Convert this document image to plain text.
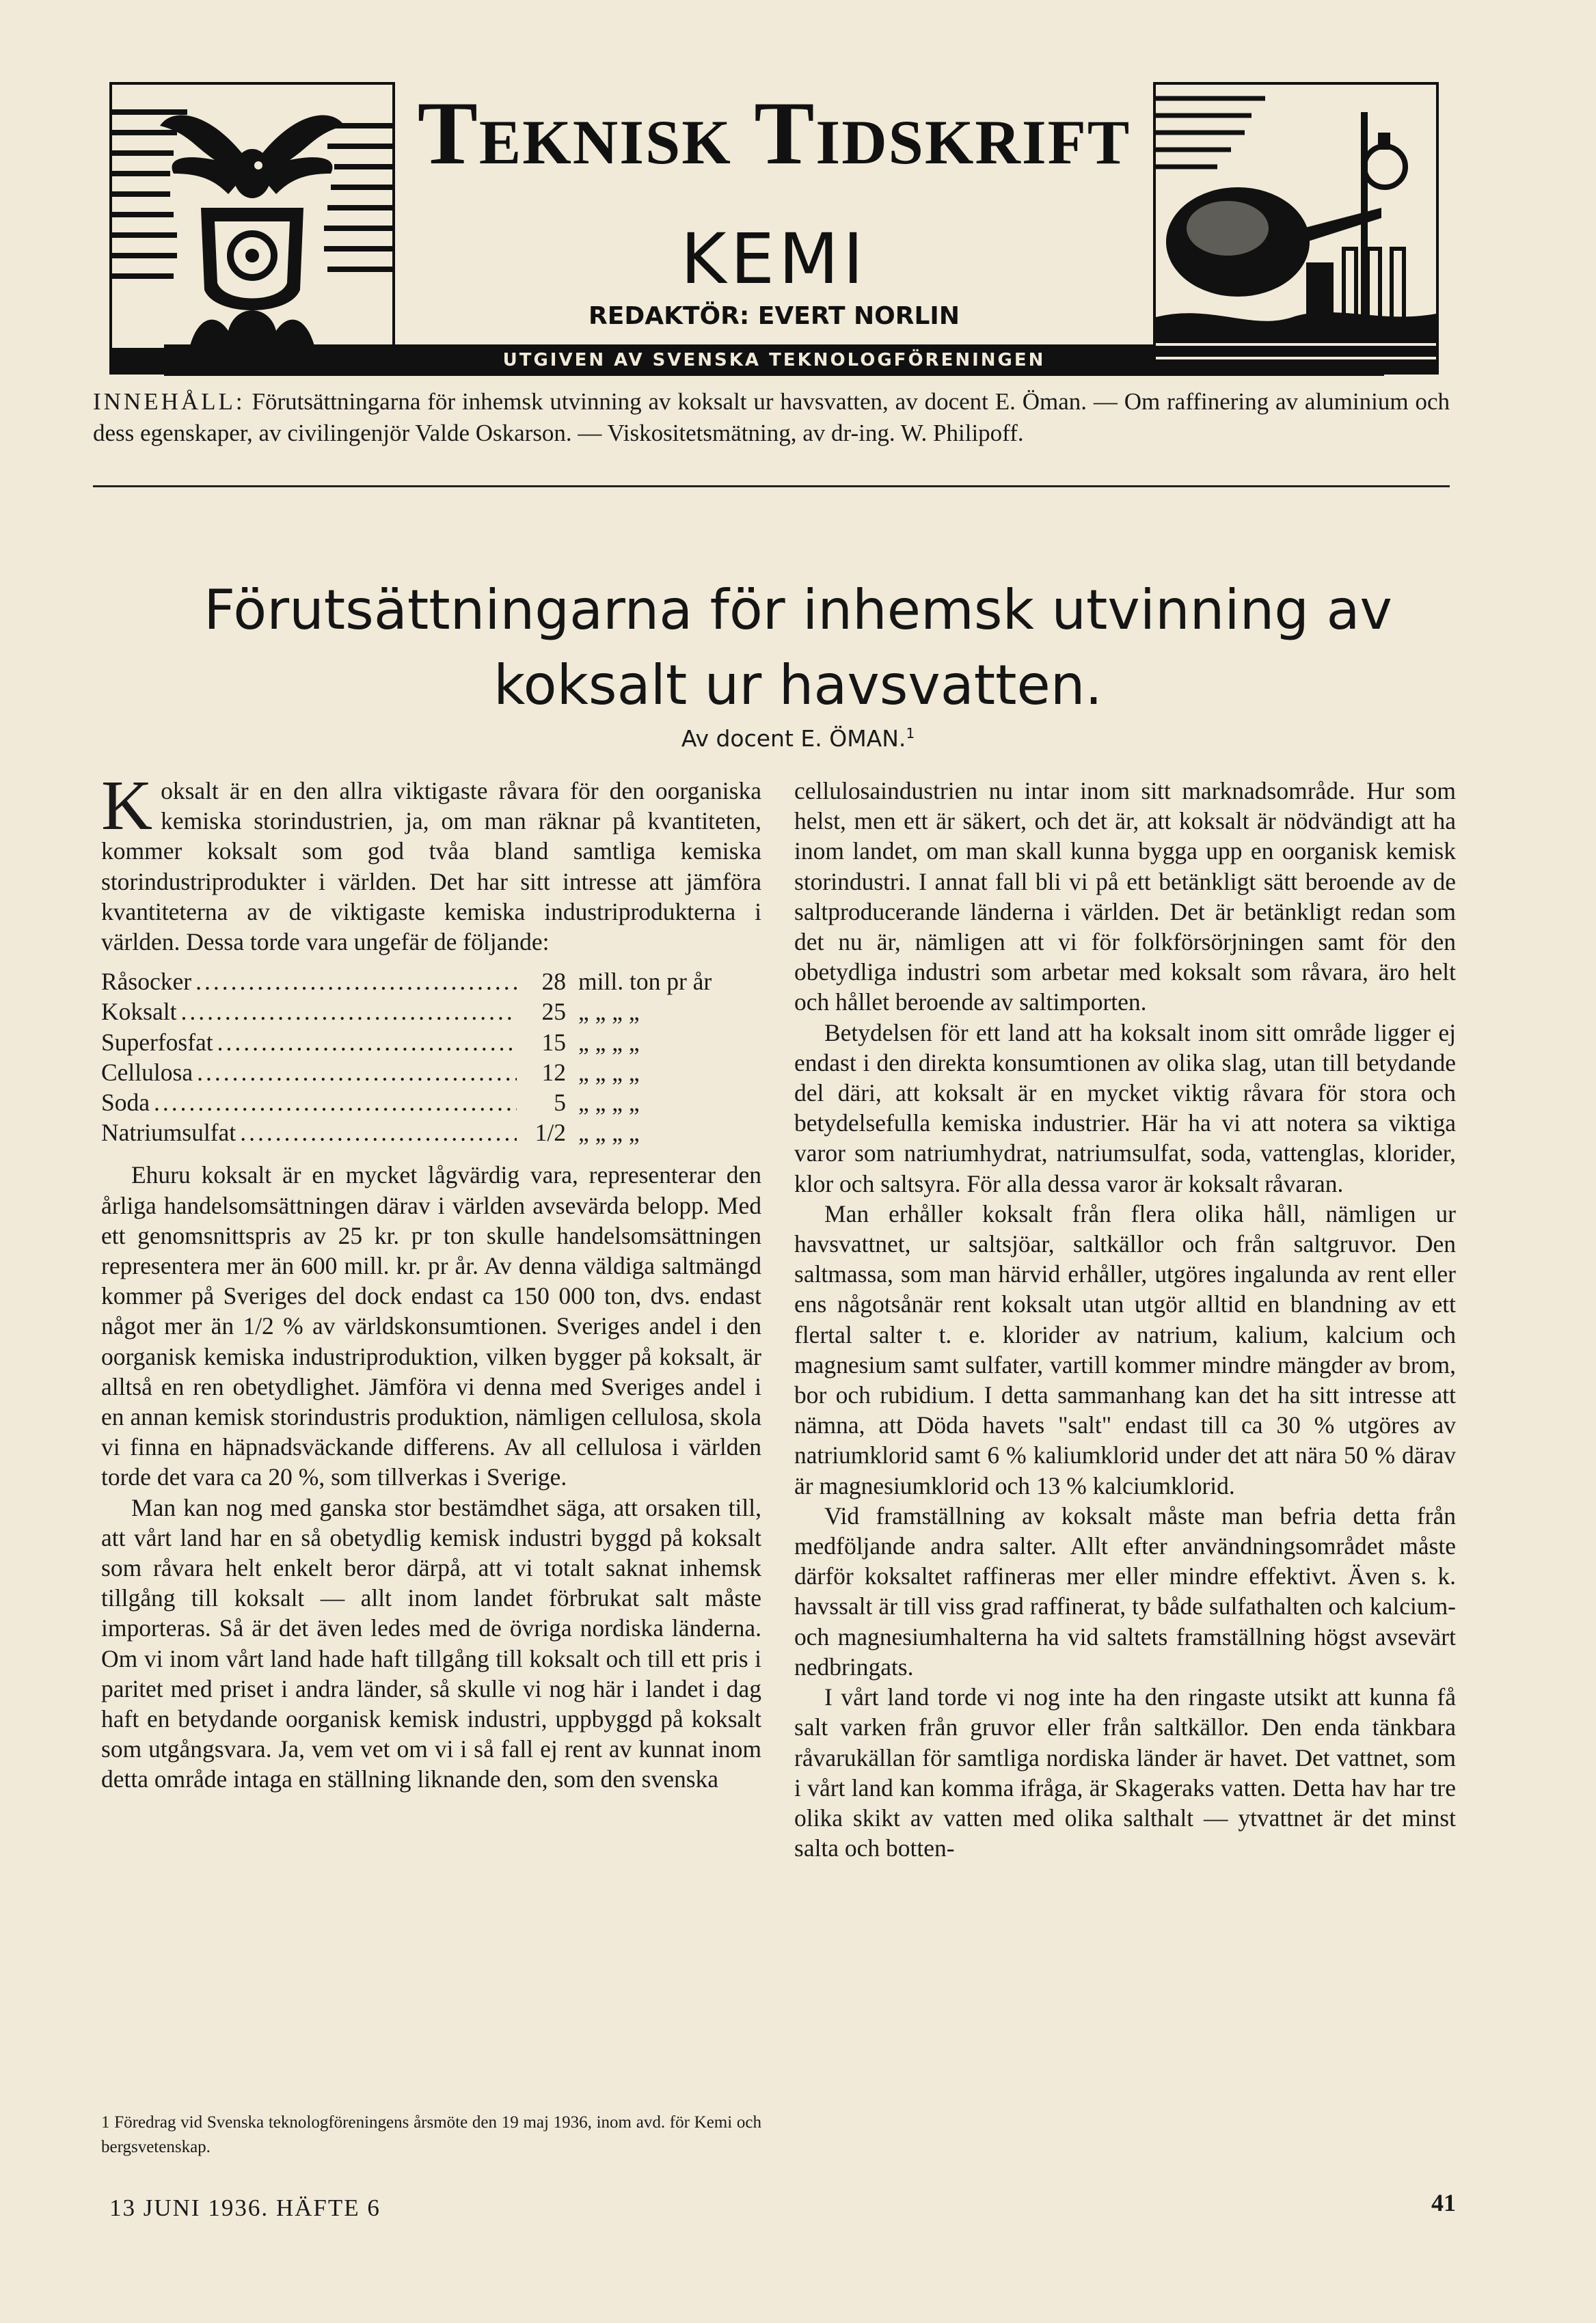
Teknisk Tidskrift
KEMI
REDAKTÖR: EVERT NORLIN
UTGIVEN AV SVENSKA TEKNOLOGFÖRENINGEN
INNEHÅLL: Förutsättningarna för inhemsk utvinning av koksalt ur havsvatten, av docent E. Öman. — Om raffinering av aluminium och dess egenskaper, av civilingenjör Valde Oskarson. — Viskositetsmätning, av dr-ing. W. Philipoff.
Förutsättningarna för inhemsk utvinning av koksalt ur havsvatten.
Av docent E. ÖMAN.$^1$

Koksalt är en den allra viktigaste råvara för den oorganiska kemiska storindustrien, ja, om man räknar på kvantiteten, kommer koksalt som god tvåa bland samtliga kemiska storindustriprodukter i världen. Det har sitt intresse att jämföra kvantiteterna av de viktigaste kemiska industriprodukterna i världen. Dessa torde vara ungefär de följande:

Råsocker .....	28 mill. ton pr år
Koksalt .....	25 „ „ „ „
Superfosfat .....	15 „ „ „ „
Cellulosa .....	12 „ „ „ „
Soda .....	5 „ „ „ „
Natriumsulfat .....	1/2 „ „ „ „

Ehuru koksalt är en mycket lågvärdig vara, representerar den årliga handelsomsättningen därav i världen avsevärda belopp. Med ett genomsnittspris av 25 kr. pr ton skulle handelsomsättningen representera mer än 600 mill. kr. pr år. Av denna väldiga saltmängd kommer på Sveriges del dock endast ca 150 000 ton, dvs. endast något mer än 1/2 % av världskonsumtionen. Sveriges andel i den oorganisk kemiska industriproduktion, vilken bygger på koksalt, är alltså en ren obetydlighet. Jämföra vi denna med Sveriges andel i en annan kemisk storindustris produktion, nämligen cellulosa, skola vi finna en häpnadsväckande differens. Av all cellulosa i världen torde det vara ca 20 %, som tillverkas i Sverige.

Man kan nog med ganska stor bestämdhet säga, att orsaken till, att vårt land har en så obetydlig kemisk industri byggd på koksalt som råvara helt enkelt beror därpå, att vi totalt saknat inhemsk tillgång till koksalt — allt inom landet förbrukat salt måste importeras. Så är det även ledes med de övriga nordiska länderna. Om vi inom vårt land hade haft tillgång till koksalt och till ett pris i paritet med priset i andra länder, så skulle vi nog här i landet i dag haft en betydande oorganisk kemisk industri, uppbyggd på koksalt som utgångsvara. Ja, vem vet om vi i så fall ej rent av kunnat inom detta område intaga en ställning liknande den, som den svenska

cellulosaindustrien nu intar inom sitt marknadsområde. Hur som helst, men ett är säkert, och det är, att koksalt är nödvändigt att ha inom landet, om man skall kunna bygga upp en oorganisk kemisk storindustri. I annat fall bli vi på ett betänkligt sätt beroende av de saltproducerande länderna i världen. Det är betänkligt redan som det nu är, nämligen att vi för folkförsörjningen samt för den obetydliga industri som arbetar med koksalt som råvara, äro helt och hållet beroende av saltimporten.

Betydelsen för ett land att ha koksalt inom sitt område ligger ej endast i den direkta konsumtionen av olika slag, utan till betydande del däri, att koksalt är en mycket viktig råvara för stora och betydelsefulla kemiska industrier. Här ha vi att notera sa viktiga varor som natriumhydrat, natriumsulfat, soda, vattenglas, klorider, klor och saltsyra. För alla dessa varor är koksalt råvaran.

Man erhåller koksalt från flera olika håll, nämligen ur havsvattnet, ur saltsjöar, saltkällor och från saltgruvor. Den saltmassa, som man härvid erhåller, utgöres ingalunda av rent eller ens någotsånär rent koksalt utan utgör alltid en blandning av ett flertal salter t. e. klorider av natrium, kalium, kalcium och magnesium samt sulfater, vartill kommer mindre mängder av brom, bor och rubidium. I detta sammanhang kan det ha sitt intresse att nämna, att Döda havets "salt" endast till ca 30 % utgöres av natriumklorid samt 6 % kaliumklorid under det att nära 50 % därav är magnesiumklorid och 13 % kalciumklorid.

Vid framställning av koksalt måste man befria detta från medföljande andra salter. Allt efter användningsområdet måste därför koksaltet raffineras mer eller mindre effektivt. Även s. k. havssalt är till viss grad raffinerat, ty både sulfathalten och kalcium- och magnesiumhalterna ha vid saltets framställning högst avsevärt nedbringats.

I vårt land torde vi nog inte ha den ringaste utsikt att kunna få salt varken från gruvor eller från saltkällor. Den enda tänkbara råvarukällan för samtliga nordiska länder är havet. Det vattnet, som i vårt land kan komma ifråga, är Skageraks vatten. Detta hav har tre olika skikt av vatten med olika salthalt — ytvattnet är det minst salta och botten-

1 Föredrag vid Svenska teknologföreningens årsmöte den 19 maj 1936, inom avd. för Kemi och bergsvetenskap.
13 JUNI 1936. HÄFTE 6	41
